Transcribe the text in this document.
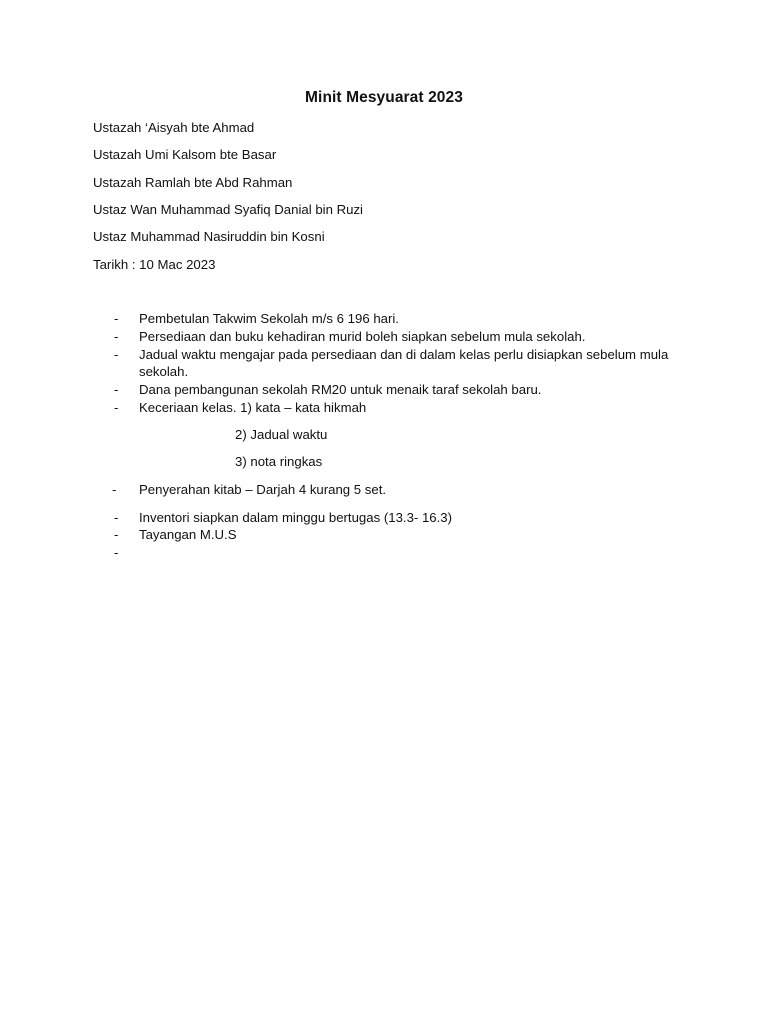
Minit Mesyuarat 2023
Ustazah ‘Aisyah bte Ahmad
Ustazah Umi Kalsom bte Basar
Ustazah Ramlah bte Abd Rahman
Ustaz Wan Muhammad Syafiq Danial bin Ruzi
Ustaz Muhammad Nasiruddin bin Kosni
Tarikh : 10 Mac 2023
- Pembetulan Takwim Sekolah m/s 6 196 hari.
- Persediaan dan buku kehadiran murid boleh siapkan sebelum mula sekolah.
- Jadual waktu mengajar pada persediaan dan di dalam kelas perlu disiapkan sebelum mula sekolah.
- Dana pembangunan sekolah RM20 untuk menaik taraf sekolah baru.
- Keceriaan kelas. 1) kata – kata hikmah
2) Jadual waktu
3) nota ringkas
- Penyerahan kitab – Darjah 4 kurang 5 set.
- Inventori siapkan dalam minggu bertugas (13.3- 16.3)
- Tayangan M.U.S
-
